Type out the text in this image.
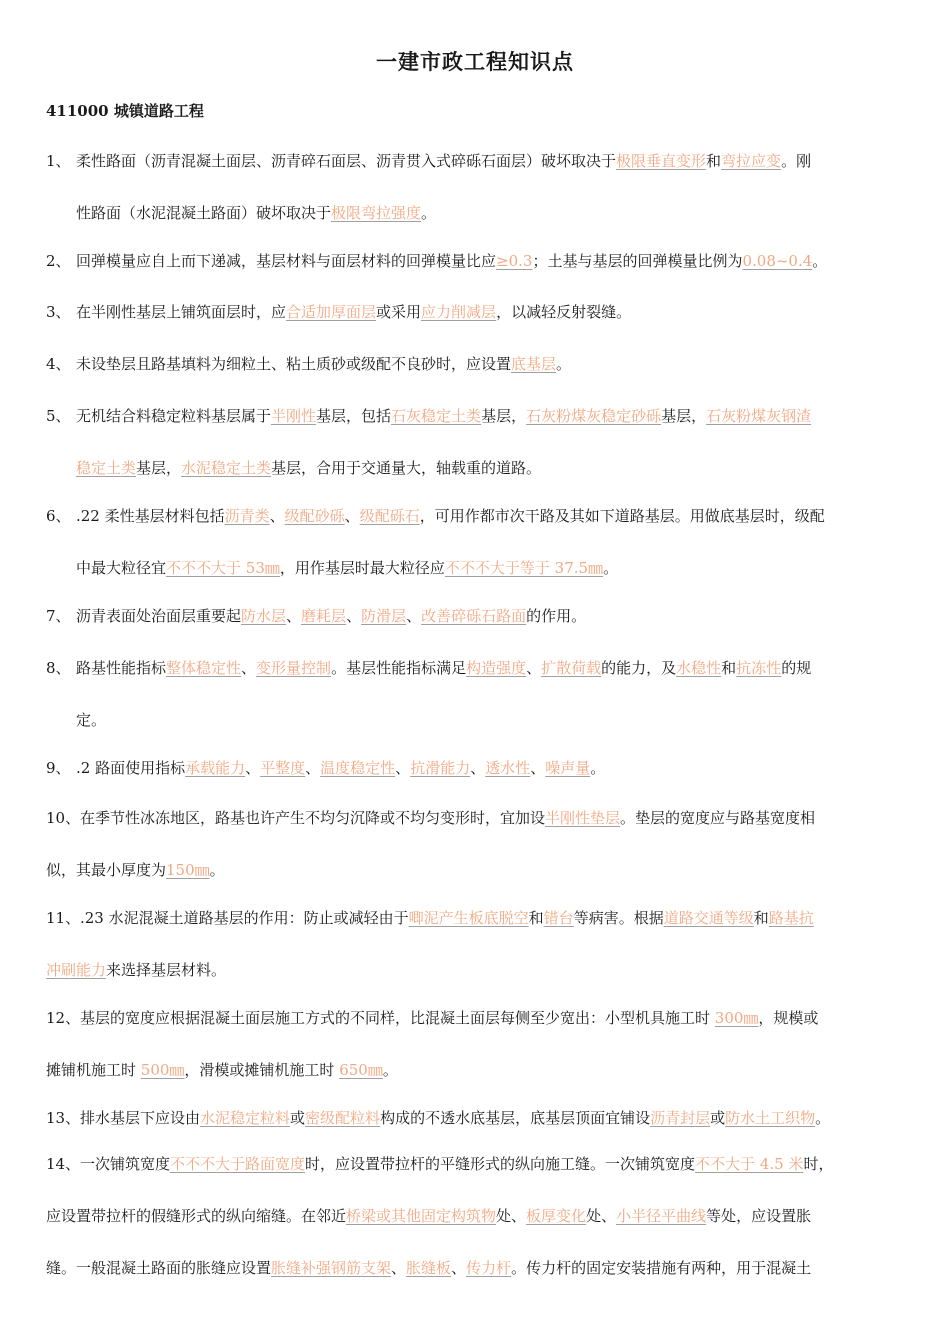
一建市政工程知识点
411000 城镇道路工程
1、 柔性路面（沥青混凝土面层、沥青碎石面层、沥青贯入式碎砾石面层）破坏取决于极限垂直变形和弯拉应变。刚
性路面（水泥混凝土路面）破坏取决于极限弯拉强度。
2、 回弹模量应自上而下递减，基层材料与面层材料的回弹模量比应≥0.3；土基与基层的回弹模量比例为0.08~0.4。
3、 在半刚性基层上铺筑面层时，应合适加厚面层或采用应力削减层，以减轻反射裂缝。
4、 未设垫层且路基填料为细粒土、粘土质砂或级配不良砂时，应设置底基层。
5、 无机结合料稳定粒料基层属于半刚性基层，包括石灰稳定土类基层，石灰粉煤灰稳定砂砾基层，石灰粉煤灰钢渣
稳定土类基层，水泥稳定土类基层，合用于交通量大，轴载重的道路。
6、 .22 柔性基层材料包括沥青类、级配砂砾、级配砾石，可用作都市次干路及其如下道路基层。用做底基层时，级配
中最大粒径宜不不不大于 53㎜，用作基层时最大粒径应不不不大于等于 37.5㎜。
7、 沥青表面处治面层重要起防水层、磨耗层、防滑层、改善碎砾石路面的作用。
8、 路基性能指标整体稳定性、变形量控制。基层性能指标满足构造强度、扩散荷载的能力，及水稳性和抗冻性的规
定。
9、 .2 路面使用指标承载能力、平整度、温度稳定性、抗滑能力、透水性、噪声量。
10、在季节性冰冻地区，路基也许产生不均匀沉降或不均匀变形时，宜加设半刚性垫层。垫层的宽度应与路基宽度相
似，其最小厚度为150㎜。
11、.23 水泥混凝土道路基层的作用：防止或减轻由于唧泥产生板底脱空和错台等病害。根据道路交通等级和路基抗
冲刷能力来选择基层材料。
12、基层的宽度应根据混凝土面层施工方式的不同样，比混凝土面层每侧至少宽出：小型机具施工时 300㎜，规模或
摊铺机施工时 500㎜，滑模或摊铺机施工时 650㎜。
13、排水基层下应设由水泥稳定粒料或密级配粒料构成的不透水底基层，底基层顶面宜铺设沥青封层或防水土工织物。
14、一次铺筑宽度不不不大于路面宽度时，应设置带拉杆的平缝形式的纵向施工缝。一次铺筑宽度不不大于 4.5 米时，
应设置带拉杆的假缝形式的纵向缩缝。在邻近桥梁或其他固定构筑物处、板厚变化处、小半径平曲线等处，应设置胀
缝。一般混凝土路面的胀缝应设置胀缝补强钢筋支架、胀缝板、传力杆。传力杆的固定安装措施有两种，用于混凝土
